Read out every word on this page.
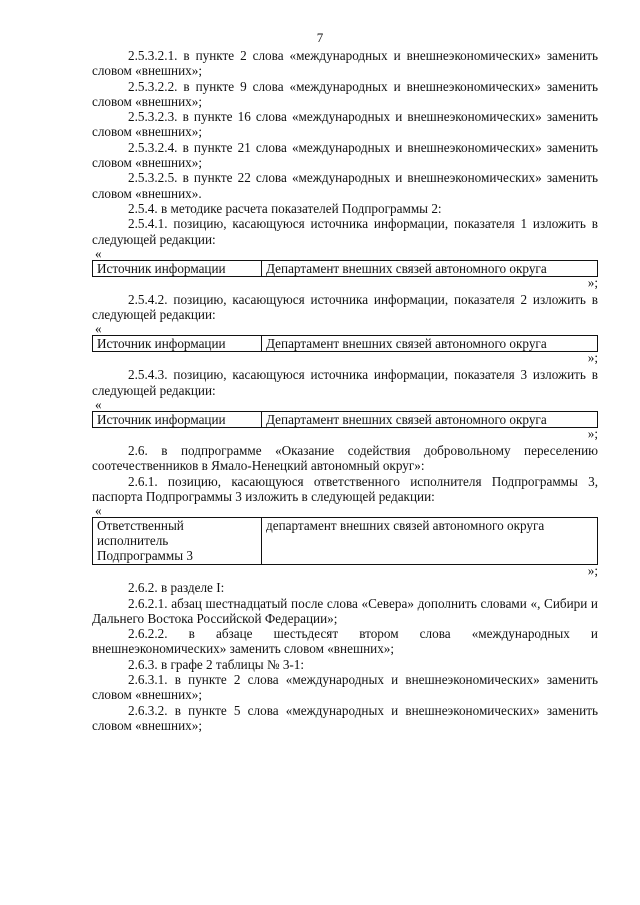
7

2.5.3.2.1. в пункте 2 слова «международных и внешнеэкономических» заменить словом «внешних»;

2.5.3.2.2. в пункте 9 слова «международных и внешнеэкономических» заменить словом «внешних»;

2.5.3.2.3. в пункте 16 слова «международных и внешнеэкономических» заменить словом «внешних»;

2.5.3.2.4. в пункте 21 слова «международных и внешнеэкономических» заменить словом «внешних»;

2.5.3.2.5. в пункте 22 слова «международных и внешнеэкономических» заменить словом «внешних».

2.5.4. в методике расчета показателей Подпрограммы 2:

2.5.4.1. позицию, касающуюся источника информации, показателя 1 изложить в следующей редакции:

«

Источник информации	Департамент внешних связей автономного округа

»;

2.5.4.2. позицию, касающуюся источника информации, показателя 2 изложить в следующей редакции:

«

Источник информации	Департамент внешних связей автономного округа

»;

2.5.4.3. позицию, касающуюся источника информации, показателя 3 изложить в следующей редакции:

«

Источник информации	Департамент внешних связей автономного округа

»;

2.6. в подпрограмме «Оказание содействия добровольному переселению соотечественников в Ямало-Ненецкий автономный округ»:

2.6.1. позицию, касающуюся ответственного исполнителя Подпрограммы 3, паспорта Подпрограммы 3 изложить в следующей редакции:

«

Ответственный исполнитель Подпрограммы 3	департамент внешних связей автономного округа

»;

2.6.2. в разделе I:

2.6.2.1. абзац шестнадцатый после слова «Севера» дополнить словами «, Сибири и Дальнего Востока Российской Федерации»;

2.6.2.2. в абзаце шестьдесят втором слова «международных и внешнеэкономических» заменить словом «внешних»;

2.6.3. в графе 2 таблицы № 3-1:

2.6.3.1. в пункте 2 слова «международных и внешнеэкономических» заменить словом «внешних»;

2.6.3.2. в пункте 5 слова «международных и внешнеэкономических» заменить словом «внешних»;
